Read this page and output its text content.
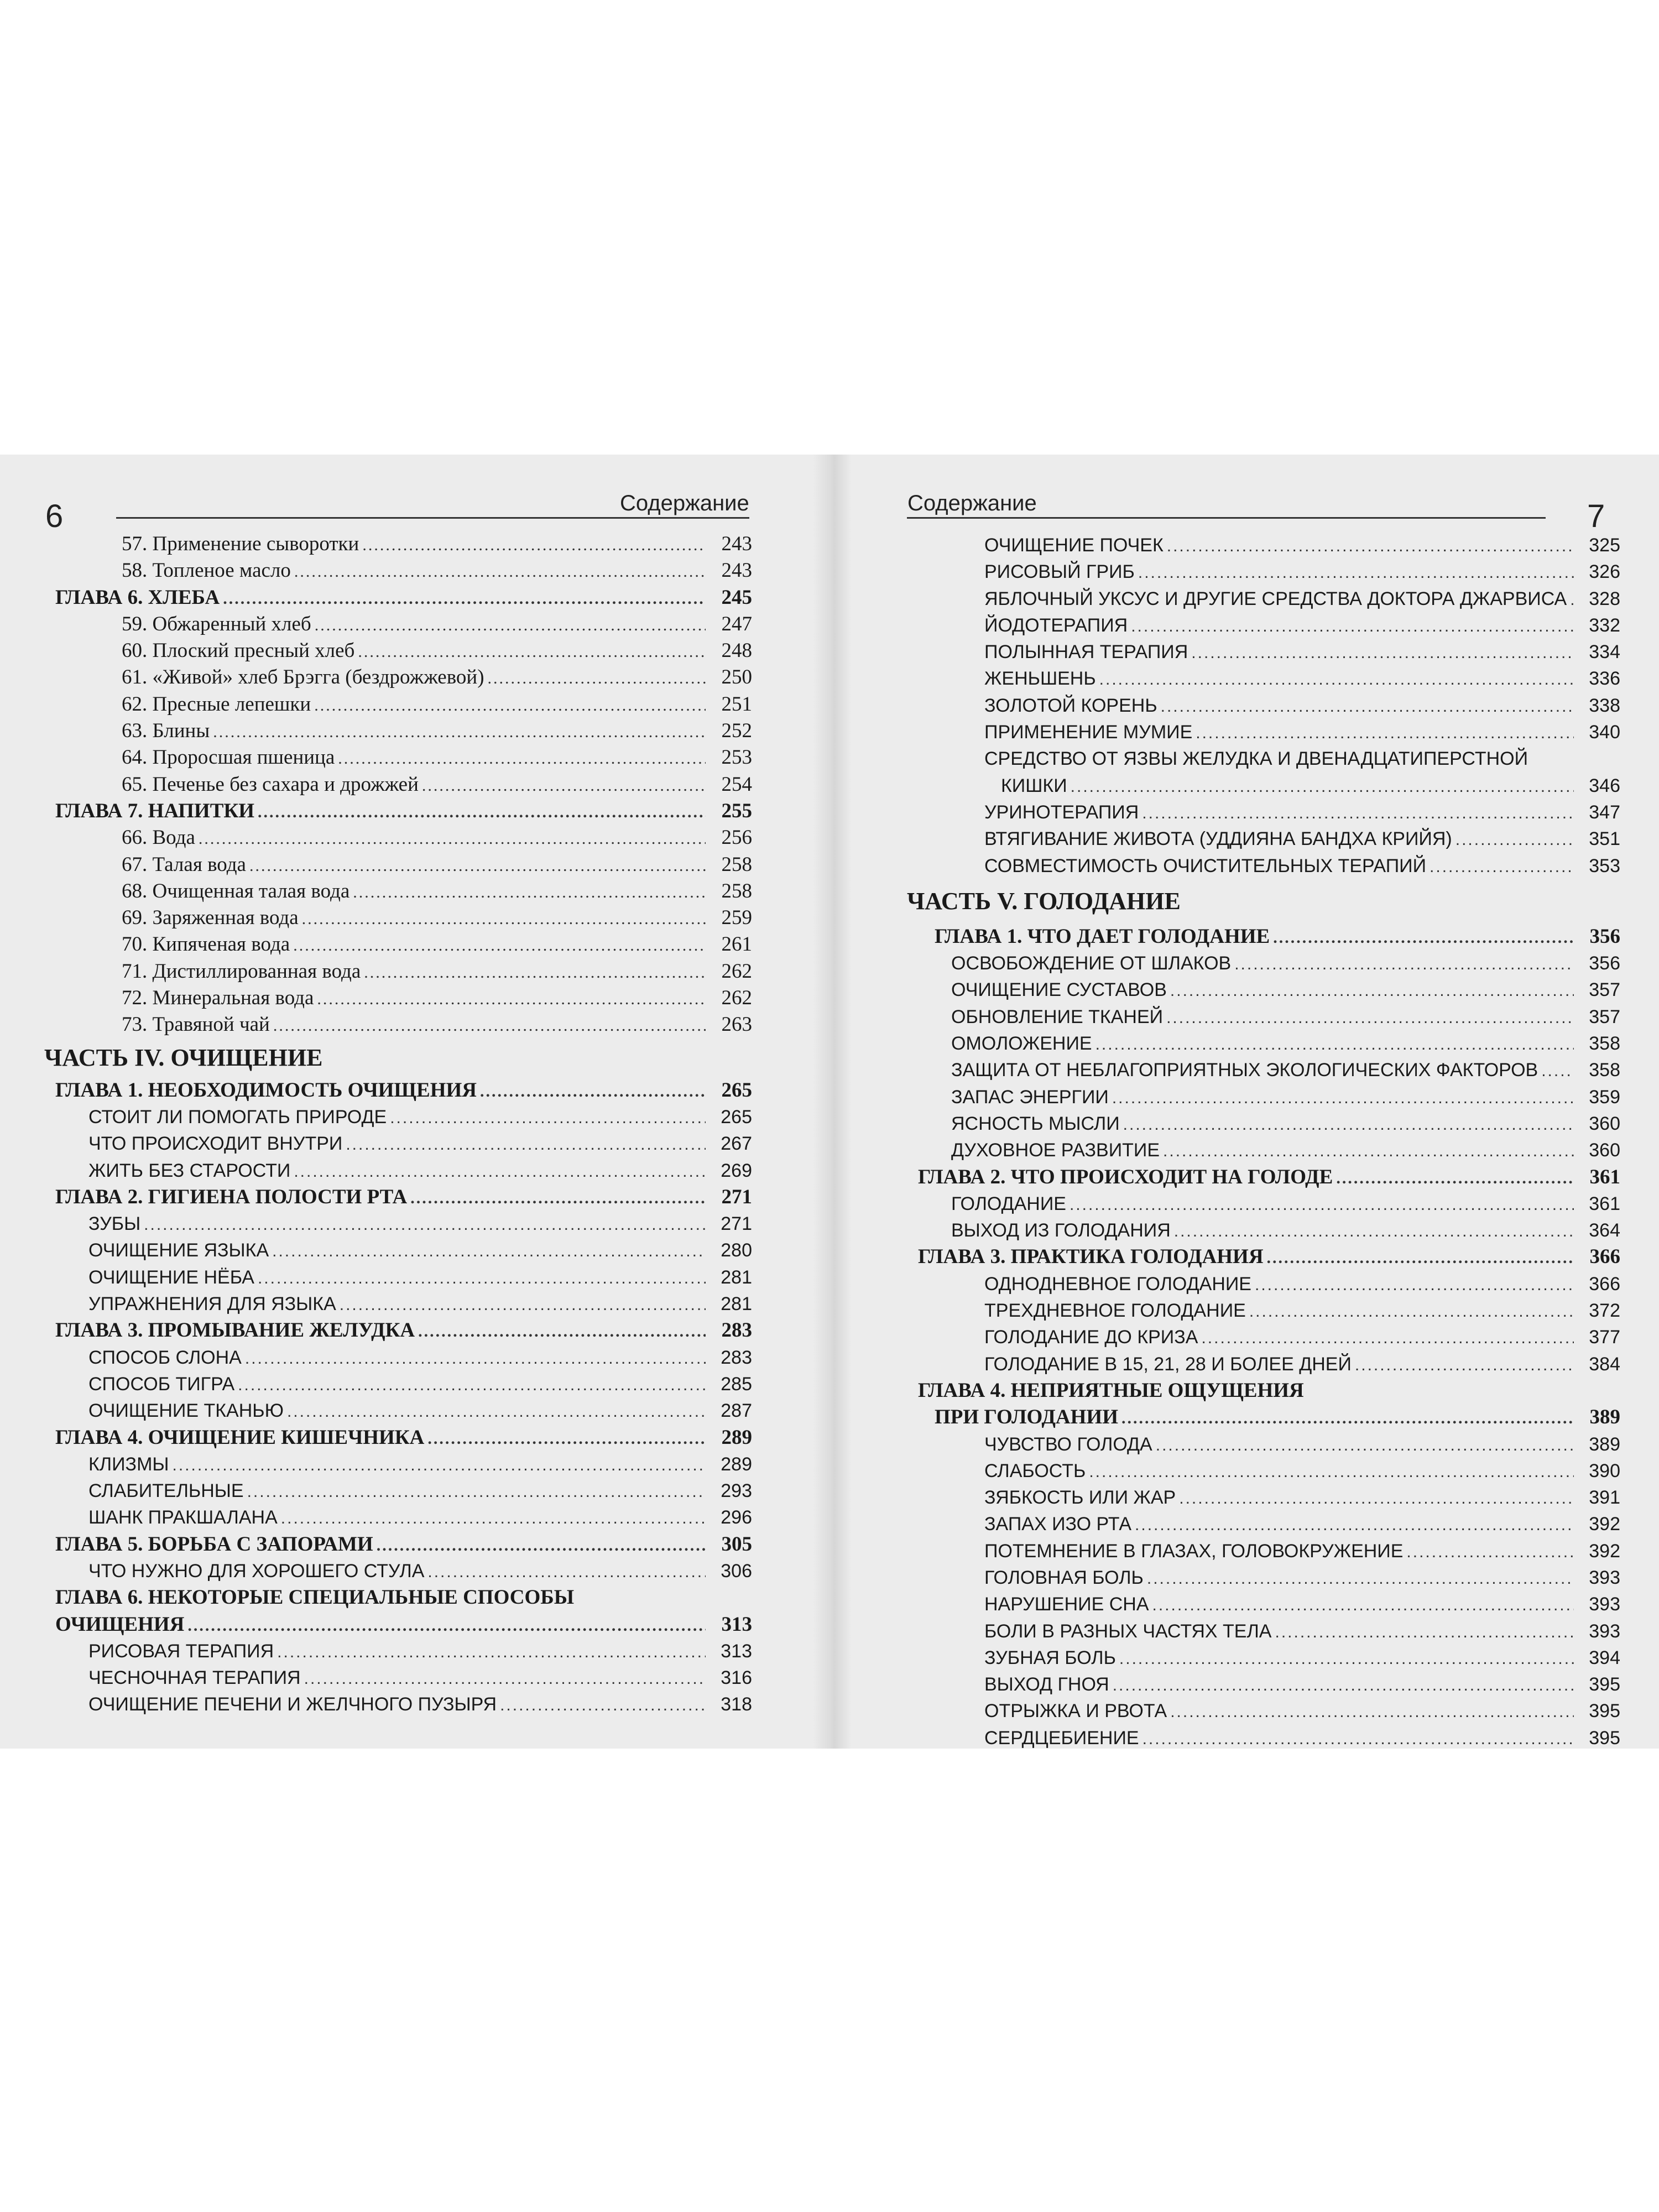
6	Содержание
57. Применение сыворотки .....	243
58. Топленое масло .....	243
ГЛАВА 6. ХЛЕБА .....	245
59. Обжаренный хлеб .....	247
60. Плоский пресный хлеб .....	248
61. «Живой» хлеб Брэгга (бездрожжевой) .....	250
62. Пресные лепешки .....	251
63. Блины .....	252
64. Проросшая пшеница .....	253
65. Печенье без сахара и дрожжей .....	254
ГЛАВА 7. НАПИТКИ .....	255
66. Вода .....	256
67. Талая вода .....	258
68. Очищенная талая вода .....	258
69. Заряженная вода .....	259
70. Кипяченая вода .....	261
71. Дистиллированная вода .....	262
72. Минеральная вода .....	262
73. Травяной чай .....	263
ЧАСТЬ IV. ОЧИЩЕНИЕ
ГЛАВА 1. НЕОБХОДИМОСТЬ ОЧИЩЕНИЯ .....	265
СТОИТ ЛИ ПОМОГАТЬ ПРИРОДЕ .....	265
ЧТО ПРОИСХОДИТ ВНУТРИ .....	267
ЖИТЬ БЕЗ СТАРОСТИ .....	269
ГЛАВА 2. ГИГИЕНА ПОЛОСТИ РТА .....	271
ЗУБЫ .....	271
ОЧИЩЕНИЕ ЯЗЫКА .....	280
ОЧИЩЕНИЕ НЁБА .....	281
УПРАЖНЕНИЯ ДЛЯ ЯЗЫКА .....	281
ГЛАВА 3. ПРОМЫВАНИЕ ЖЕЛУДКА .....	283
СПОСОБ СЛОНА .....	283
СПОСОБ ТИГРА .....	285
ОЧИЩЕНИЕ ТКАНЬЮ .....	287
ГЛАВА 4. ОЧИЩЕНИЕ КИШЕЧНИКА .....	289
КЛИЗМЫ .....	289
СЛАБИТЕЛЬНЫЕ .....	293
ШАНК ПРАКШАЛАНА .....	296
ГЛАВА 5. БОРЬБА С ЗАПОРАМИ .....	305
ЧТО НУЖНО ДЛЯ ХОРОШЕГО СТУЛА .....	306
ГЛАВА 6. НЕКОТОРЫЕ СПЕЦИАЛЬНЫЕ СПОСОБЫ
ОЧИЩЕНИЯ .....	313
РИСОВАЯ ТЕРАПИЯ .....	313
ЧЕСНОЧНАЯ ТЕРАПИЯ .....	316
ОЧИЩЕНИЕ ПЕЧЕНИ И ЖЕЛЧНОГО ПУЗЫРЯ .....	318
Содержание	7
ОЧИЩЕНИЕ ПОЧЕК .....	325
РИСОВЫЙ ГРИБ .....	326
ЯБЛОЧНЫЙ УКСУС И ДРУГИЕ СРЕДСТВА ДОКТОРА ДЖАРВИСА .....	328
ЙОДОТЕРАПИЯ .....	332
ПОЛЫННАЯ ТЕРАПИЯ .....	334
ЖЕНЬШЕНЬ .....	336
ЗОЛОТОЙ КОРЕНЬ .....	338
ПРИМЕНЕНИЕ МУМИЕ .....	340
СРЕДСТВО ОТ ЯЗВЫ ЖЕЛУДКА И ДВЕНАДЦАТИПЕРСТНОЙ
КИШКИ .....	346
УРИНОТЕРАПИЯ .....	347
ВТЯГИВАНИЕ ЖИВОТА (УДДИЯНА БАНДХА КРИЙЯ) .....	351
СОВМЕСТИМОСТЬ ОЧИСТИТЕЛЬНЫХ ТЕРАПИЙ .....	353
ЧАСТЬ V. ГОЛОДАНИЕ
ГЛАВА 1. ЧТО ДАЕТ ГОЛОДАНИЕ .....	356
ОСВОБОЖДЕНИЕ ОТ ШЛАКОВ .....	356
ОЧИЩЕНИЕ СУСТАВОВ .....	357
ОБНОВЛЕНИЕ ТКАНЕЙ .....	357
ОМОЛОЖЕНИЕ .....	358
ЗАЩИТА ОТ НЕБЛАГОПРИЯТНЫХ ЭКОЛОГИЧЕСКИХ ФАКТОРОВ .....	358
ЗАПАС ЭНЕРГИИ .....	359
ЯСНОСТЬ МЫСЛИ .....	360
ДУХОВНОЕ РАЗВИТИЕ .....	360
ГЛАВА 2. ЧТО ПРОИСХОДИТ НА ГОЛОДЕ .....	361
ГОЛОДАНИЕ .....	361
ВЫХОД ИЗ ГОЛОДАНИЯ .....	364
ГЛАВА 3. ПРАКТИКА ГОЛОДАНИЯ .....	366
ОДНОДНЕВНОЕ ГОЛОДАНИЕ .....	366
ТРЕХДНЕВНОЕ ГОЛОДАНИЕ .....	372
ГОЛОДАНИЕ ДО КРИЗА .....	377
ГОЛОДАНИЕ В 15, 21, 28 И БОЛЕЕ ДНЕЙ .....	384
ГЛАВА 4. НЕПРИЯТНЫЕ ОЩУЩЕНИЯ
ПРИ ГОЛОДАНИИ .....	389
ЧУВСТВО ГОЛОДА .....	389
СЛАБОСТЬ .....	390
ЗЯБКОСТЬ ИЛИ ЖАР .....	391
ЗАПАХ ИЗО РТА .....	392
ПОТЕМНЕНИЕ В ГЛАЗАХ, ГОЛОВОКРУЖЕНИЕ .....	392
ГОЛОВНАЯ БОЛЬ .....	393
НАРУШЕНИЕ СНА .....	393
БОЛИ В РАЗНЫХ ЧАСТЯХ ТЕЛА .....	393
ЗУБНАЯ БОЛЬ .....	394
ВЫХОД ГНОЯ .....	395
ОТРЫЖКА И РВОТА .....	395
СЕРДЦЕБИЕНИЕ .....	395
